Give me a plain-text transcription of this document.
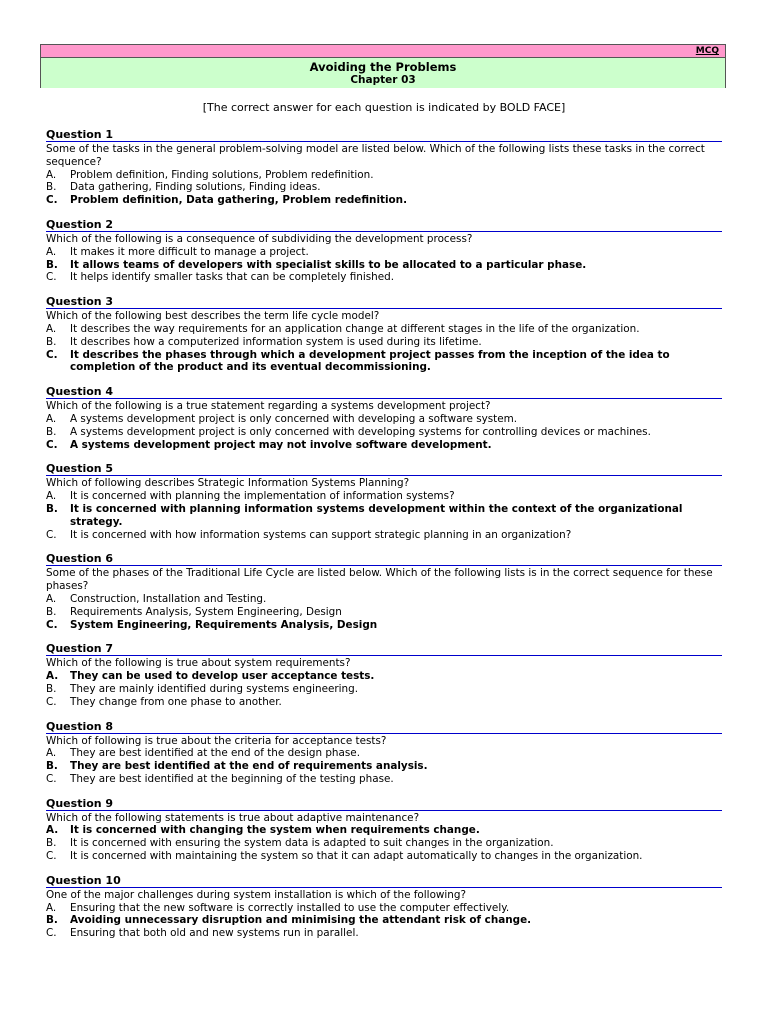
MCQ
Avoiding the Problems
Chapter 03
[The correct answer for each question is indicated by BOLD FACE]
Question 1
Some of the tasks in the general problem-solving model are listed below. Which of the following lists these tasks in the correct sequence?
A.	Problem definition, Finding solutions, Problem redefinition.
B.	Data gathering, Finding solutions, Finding ideas.
C.	Problem definition, Data gathering, Problem redefinition.
Question 2
Which of the following is a consequence of subdividing the development process?
A.	It makes it more difficult to manage a project.
B.	It allows teams of developers with specialist skills to be allocated to a particular phase.
C.	It helps identify smaller tasks that can be completely finished.
Question 3
Which of the following best describes the term life cycle model?
A.	It describes the way requirements for an application change at different stages in the life of the organization.
B.	It describes how a computerized information system is used during its lifetime.
C.	It describes the phases through which a development project passes from the inception of the idea to completion of the product and its eventual decommissioning.
Question 4
Which of the following is a true statement regarding a systems development project?
A.	A systems development project is only concerned with developing a software system.
B.	A systems development project is only concerned with developing systems for controlling devices or machines.
C.	A systems development project may not involve software development.
Question 5
Which of following describes Strategic Information Systems Planning?
A.	It is concerned with planning the implementation of information systems?
B.	It is concerned with planning information systems development within the context of the organizational strategy.
C.	It is concerned with how information systems can support strategic planning in an organization?
Question 6
Some of the phases of the Traditional Life Cycle are listed below. Which of the following lists is in the correct sequence for these phases?
A.	Construction, Installation and Testing.
B.	Requirements Analysis, System Engineering, Design
C.	System Engineering, Requirements Analysis, Design
Question 7
Which of the following is true about system requirements?
A.	They can be used to develop user acceptance tests.
B.	They are mainly identified during systems engineering.
C.	They change from one phase to another.
Question 8
Which of following is true about the criteria for acceptance tests?
A.	They are best identified at the end of the design phase.
B.	They are best identified at the end of requirements analysis.
C.	They are best identified at the beginning of the testing phase.
Question 9
Which of the following statements is true about adaptive maintenance?
A.	It is concerned with changing the system when requirements change.
B.	It is concerned with ensuring the system data is adapted to suit changes in the organization.
C.	It is concerned with maintaining the system so that it can adapt automatically to changes in the organization.
Question 10
One of the major challenges during system installation is which of the following?
A.	Ensuring that the new software is correctly installed to use the computer effectively.
B.	Avoiding unnecessary disruption and minimising the attendant risk of change.
C.	Ensuring that both old and new systems run in parallel.
